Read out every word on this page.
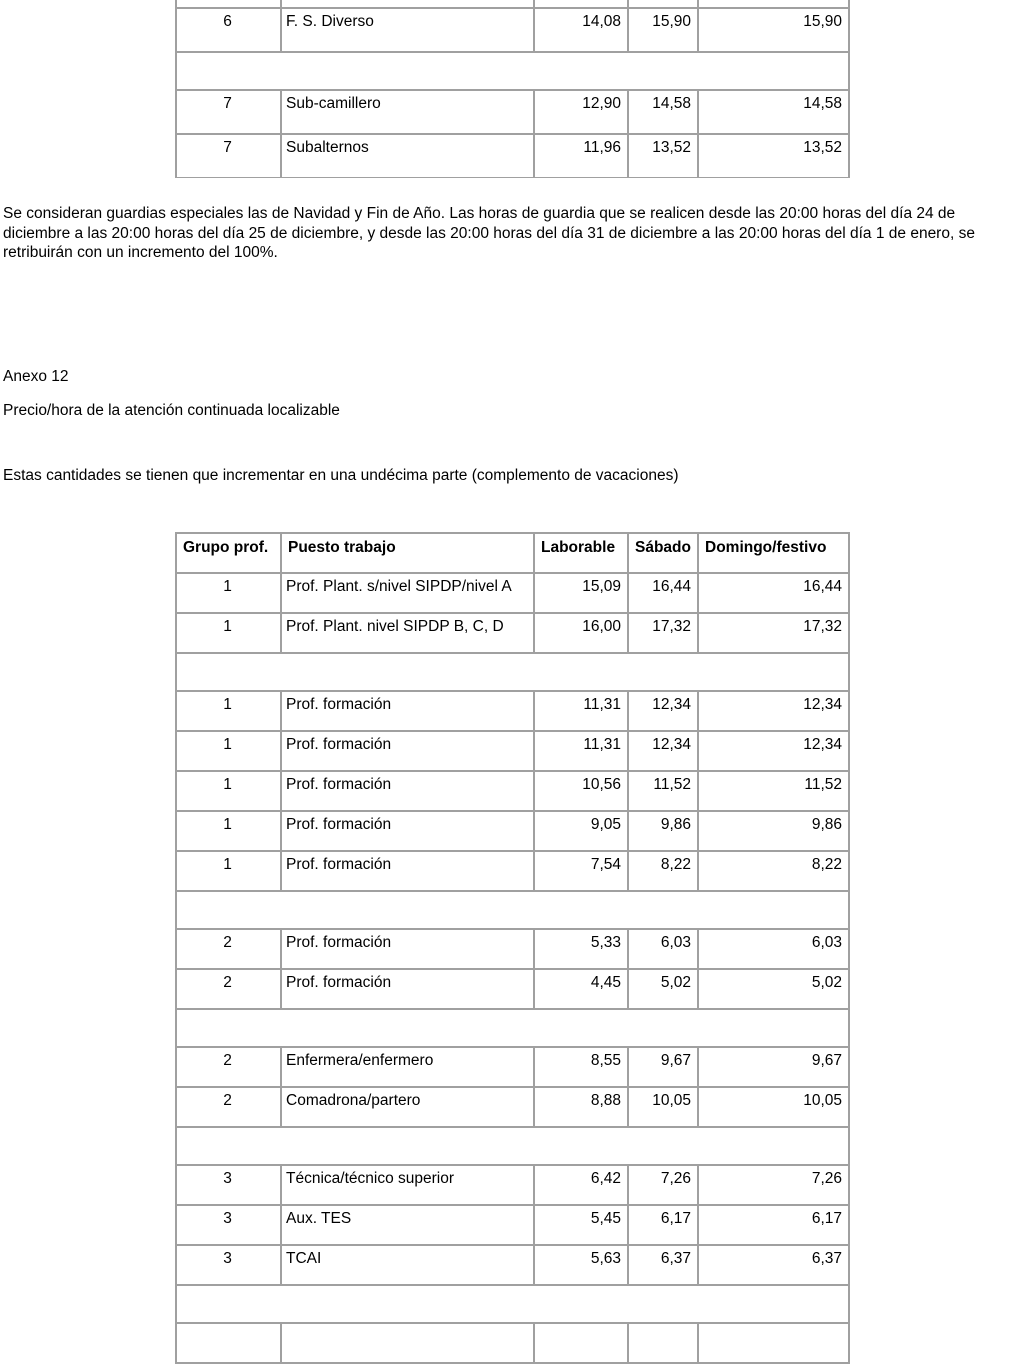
6	F. S. Diverso	14,08	15,90	15,90

7	Sub-camillero	12,90	14,58	14,58
7	Subalternos	11,96	13,52	13,52

Se consideran guardias especiales las de Navidad y Fin de Año. Las horas de guardia que se realicen desde las 20:00 horas del día 24 de diciembre a las 20:00 horas del día 25 de diciembre, y desde las 20:00 horas del día 31 de diciembre a las 20:00 horas del día 1 de enero, se retribuirán con un incremento del 100%.

Anexo 12

Precio/hora de la atención continuada localizable

Estas cantidades se tienen que incrementar en una undécima parte (complemento de vacaciones)

Grupo prof.	Puesto trabajo	Laborable	Sábado	Domingo/festivo
1	Prof. Plant. s/nivel SIPDP/nivel A	15,09	16,44	16,44
1	Prof. Plant. nivel SIPDP B, C, D	16,00	17,32	17,32

1	Prof. formación	11,31	12,34	12,34
1	Prof. formación	11,31	12,34	12,34
1	Prof. formación	10,56	11,52	11,52
1	Prof. formación	9,05	9,86	9,86
1	Prof. formación	7,54	8,22	8,22

2	Prof. formación	5,33	6,03	6,03
2	Prof. formación	4,45	5,02	5,02

2	Enfermera/enfermero	8,55	9,67	9,67
2	Comadrona/partero	8,88	10,05	10,05

3	Técnica/técnico superior	6,42	7,26	7,26
3	Aux. TES	5,45	6,17	6,17
3	TCAI	5,63	6,37	6,37
